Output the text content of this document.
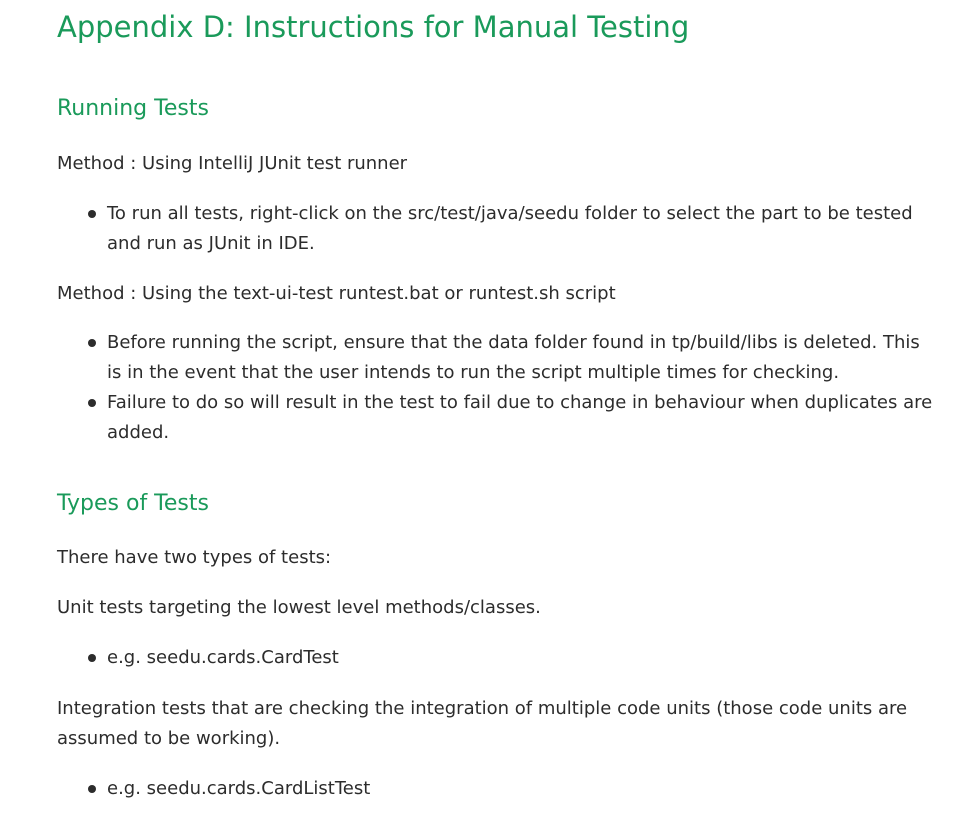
Appendix D: Instructions for Manual Testing
Running Tests

Method : Using IntelliJ JUnit test runner

To run all tests, right-click on the src/test/java/seedu folder to select the part to be tested and run as JUnit in IDE.

Method : Using the text-ui-test runtest.bat or runtest.sh script

Before running the script, ensure that the data folder found in tp/build/libs is deleted. This is in the event that the user intends to run the script multiple times for checking.
Failure to do so will result in the test to fail due to change in behaviour when duplicates are added.
Types of Tests

There have two types of tests:

Unit tests targeting the lowest level methods/classes.

e.g. seedu.cards.CardTest

Integration tests that are checking the integration of multiple code units (those code units are assumed to be working).

e.g. seedu.cards.CardListTest
